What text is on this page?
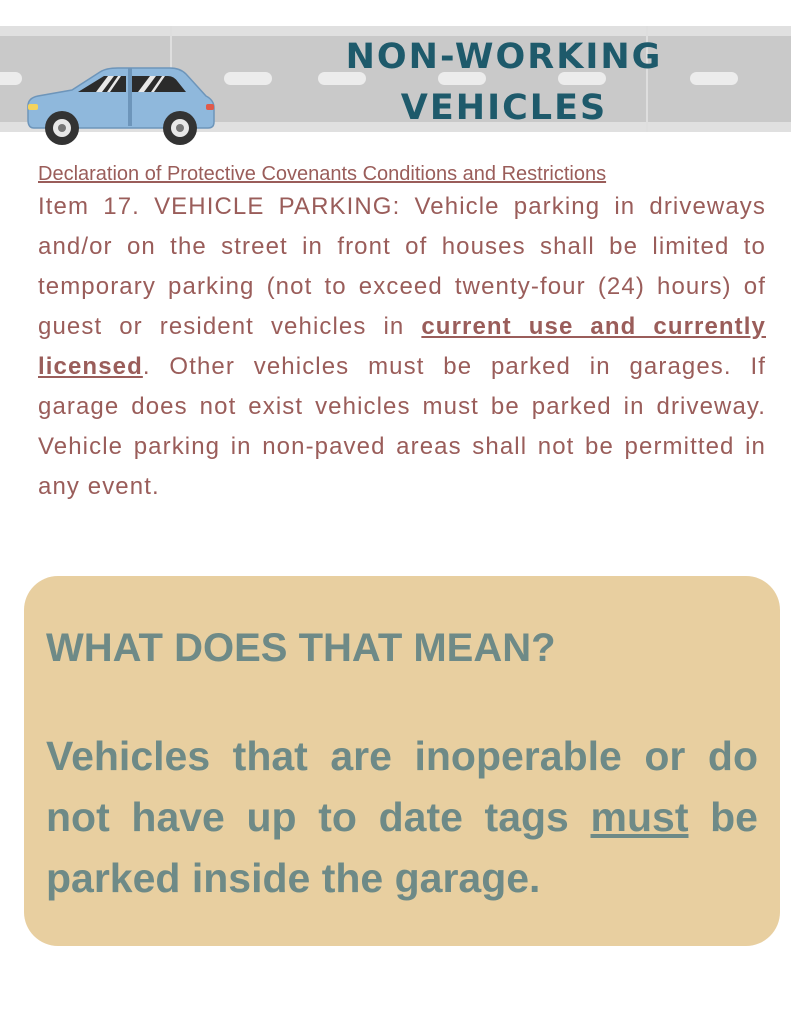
NON-WORKING
VEHICLES
Declaration of Protective Covenants Conditions and Restrictions
Item 17. VEHICLE PARKING: Vehicle parking in driveways and/or on the street in front of houses shall be limited to temporary parking (not to exceed twenty-four (24) hours) of guest or resident vehicles in current use and currently licensed. Other vehicles must be parked in garages. If garage does not exist vehicles must be parked in driveway. Vehicle parking in non-paved areas shall not be permitted in any event.
WHAT DOES THAT MEAN?
Vehicles that are inoperable or do not have up to date tags must be parked inside the garage.
